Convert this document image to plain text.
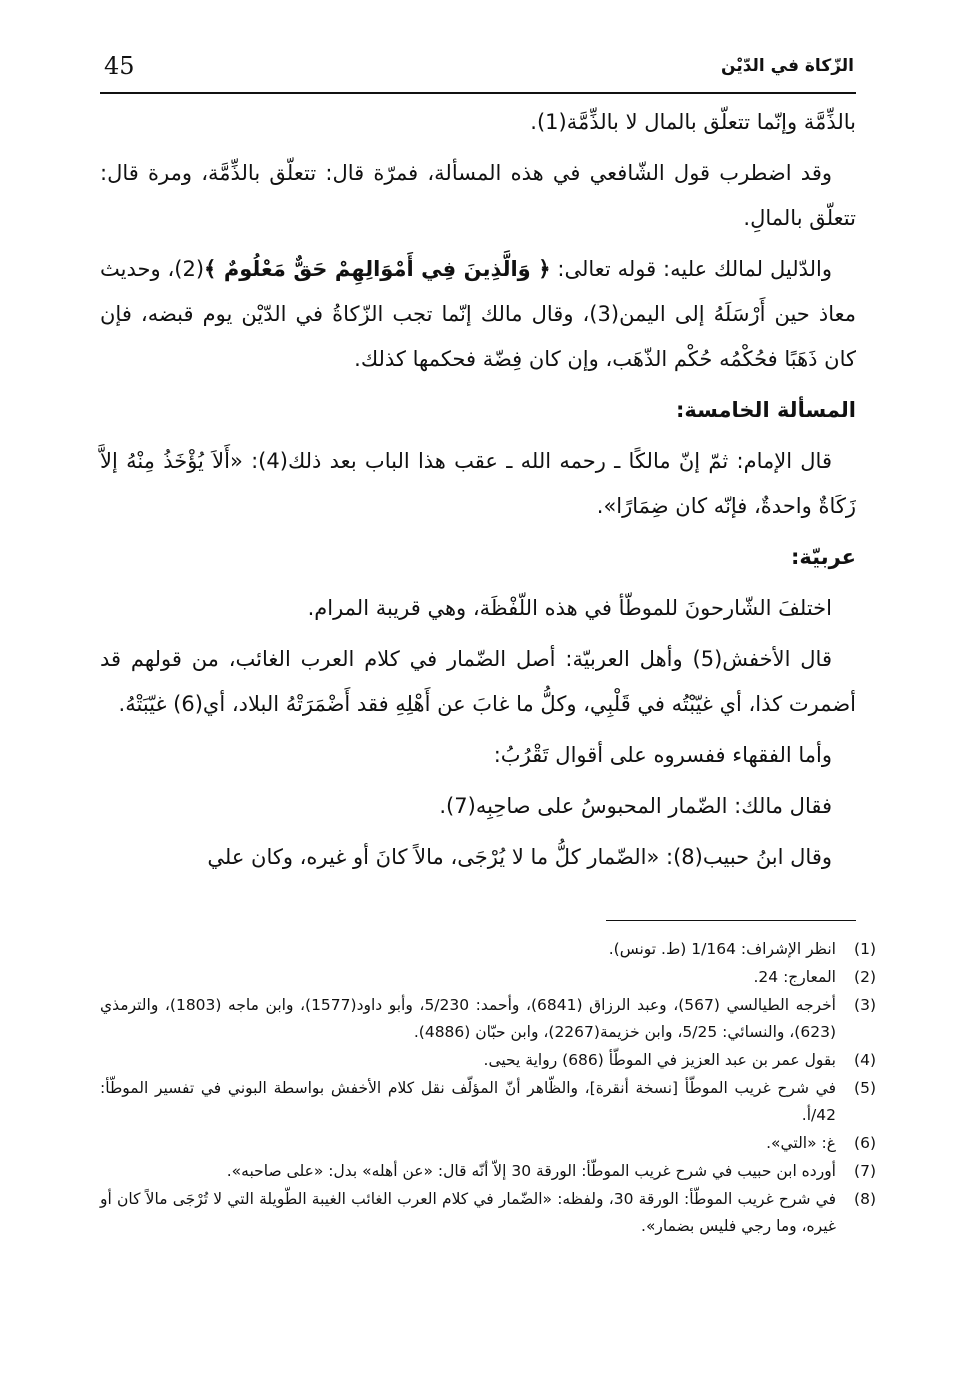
45	الزّكاة في الدّيْن

بالذِّمَّة وإنّما تتعلّق بالمال لا بالذِّمَّة(1).

وقد اضطرب قول الشّافعي في هذه المسألة، فمرّة قال: تتعلّق بالذِّمَّة، ومرة قال: تتعلّق بالمالِ.

والدّليل لمالك عليه: قوله تعالى: ﴿ وَالَّذِينَ فِي أَمْوَالِهِمْ حَقٌّ مَعْلُومٌ ﴾(2)، وحديث معاذ حين أَرْسَلَهُ إلى اليمن(3)، وقال مالك إنّما تجب الزّكاةُ في الدّيْن يوم قبضه، فإن كان ذَهَبًا فحُكْمُه حُكْم الذّهَب، وإن كان فِضّة فحكمها كذلك.

المسألة الخامسة:

قال الإمام: ثمّ إنّ مالكًا ـ رحمه الله ـ عقب هذا الباب بعد ذلك(4): «أَلاَ يُؤْخَذُ مِنْهُ إلاَّ زَكَاةٌ واحدةٌ، فإنّه كان ضِمَارًا».

عربيّة:

اختلفَ الشّارحونَ للموطّأ في هذه اللّفْظَة، وهي قريبة المرام.

قال الأخفش(5) وأهل العربيّة: أصل الضّمار في كلام العرب الغائب، من قولهم قد أضمرت كذا، أي غيّبْتُه في قَلْبِي، وكلُّ ما غابَ عن أَهْلِهِ فقد أَضْمَرَتْهُ البلاد، أي(6) غيّبَتْهُ.

وأما الفقهاء ففسروه على أقوال تَقْرُبُ:

فقال مالك: الضّمار المحبوسُ على صاحِبِه(7).

وقال ابنُ حبيب(8): «الضّمار كلُّ ما لا يُرْجَى، مالاً كانَ أو غيره، وكان علي

(1)
انظر الإشراف: 1/164 (ط. تونس).
(2)
المعارج: 24.
(3)
أخرجه الطيالسي (567)، وعبد الرزاق (6841)، وأحمد: 5/230، وأبو داود(1577)، وابن ماجه (1803)، والترمذي (623)، والنسائي: 5/25، وابن خزيمة(2267)، وابن حبّان (4886).
(4)
بقول عمر بن عبد العزيز في الموطّأ (686) رواية يحيى.
(5)
في شرح غريب الموطّأ [نسخة أنقرة]، والظّاهر أنّ المؤلّف نقل كلام الأخفش بواسطة البوني في تفسير الموطّأ: 42/أ.
(6)
غ: «التي».
(7)
أورده ابن حبيب في شرح غريب الموطّأ: الورقة 30 إلاّ أنّه قال: «عن أهله» بدل: «على صاحبه».
(8)
في شرح غريب الموطّأ: الورقة 30، ولفظه: «الضّمار في كلام العرب الغائب الغيبة الطّويلة التي لا تُرْجَى مالاً كان أو غيره، وما رجي فليس بضمار».
